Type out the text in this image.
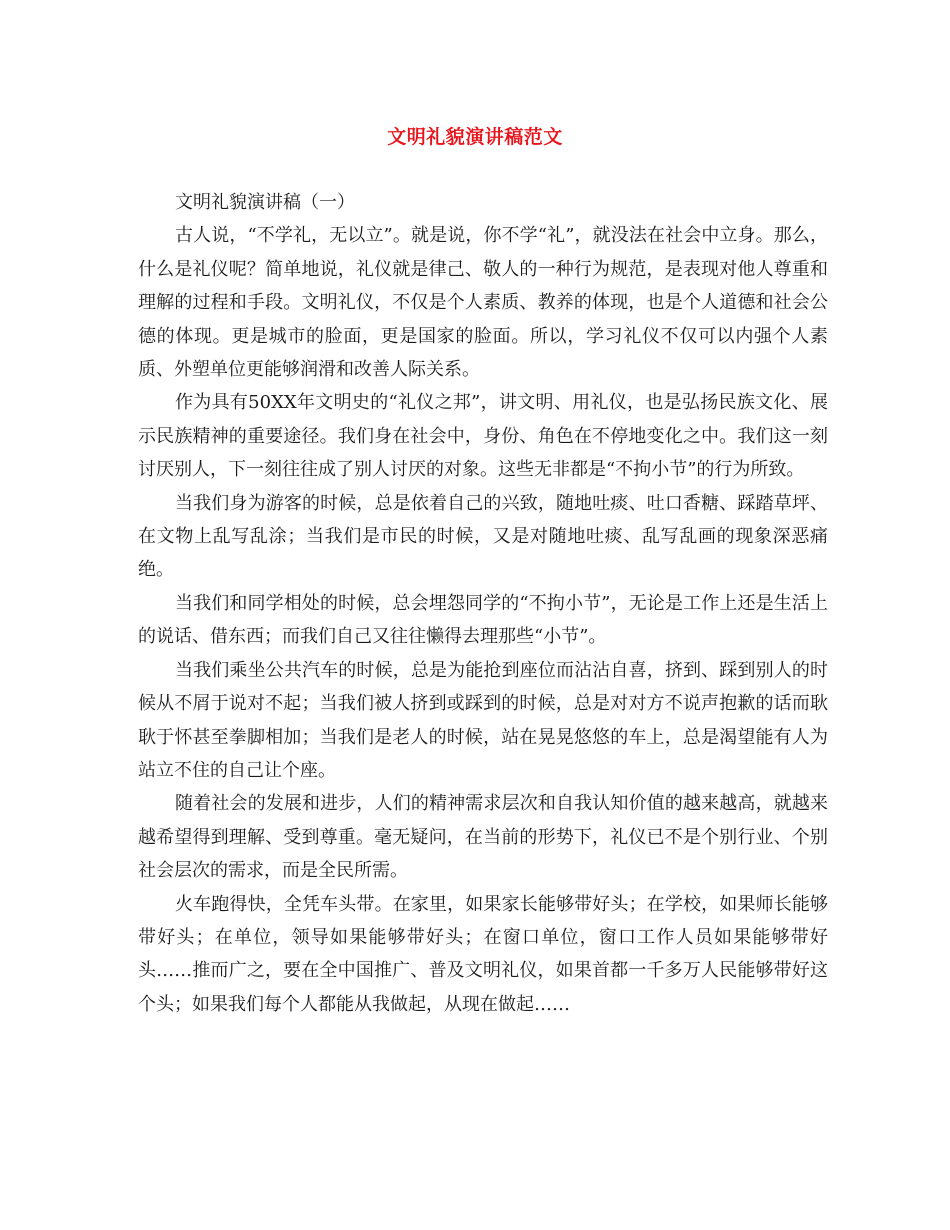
文明礼貌演讲稿范文

文明礼貌演讲稿（一）

古人说，“不学礼，无以立”。就是说，你不学“礼”，就没法在社会中立身。那么，什么是礼仪呢？简单地说，礼仪就是律己、敬人的一种行为规范，是表现对他人尊重和理解的过程和手段。文明礼仪，不仅是个人素质、教养的体现，也是个人道德和社会公德的体现。更是城市的脸面，更是国家的脸面。所以，学习礼仪不仅可以内强个人素质、外塑单位更能够润滑和改善人际关系。

作为具有50XX年文明史的“礼仪之邦”，讲文明、用礼仪，也是弘扬民族文化、展示民族精神的重要途径。我们身在社会中，身份、角色在不停地变化之中。我们这一刻讨厌别人，下一刻往往成了别人讨厌的对象。这些无非都是“不拘小节”的行为所致。

当我们身为游客的时候，总是依着自己的兴致，随地吐痰、吐口香糖、踩踏草坪、在文物上乱写乱涂；当我们是市民的时候，又是对随地吐痰、乱写乱画的现象深恶痛绝。

当我们和同学相处的时候，总会埋怨同学的“不拘小节”，无论是工作上还是生活上的说话、借东西；而我们自己又往往懒得去理那些“小节”。

当我们乘坐公共汽车的时候，总是为能抢到座位而沾沾自喜，挤到、踩到别人的时候从不屑于说对不起；当我们被人挤到或踩到的时候，总是对对方不说声抱歉的话而耿耿于怀甚至拳脚相加；当我们是老人的时候，站在晃晃悠悠的车上，总是渴望能有人为站立不住的自己让个座。

随着社会的发展和进步，人们的精神需求层次和自我认知价值的越来越高，就越来越希望得到理解、受到尊重。毫无疑问，在当前的形势下，礼仪已不是个别行业、个别社会层次的需求，而是全民所需。

火车跑得快，全凭车头带。在家里，如果家长能够带好头；在学校，如果师长能够带好头；在单位，领导如果能够带好头；在窗口单位，窗口工作人员如果能够带好头……推而广之，要在全中国推广、普及文明礼仪，如果首都一千多万人民能够带好这个头；如果我们每个人都能从我做起，从现在做起……
